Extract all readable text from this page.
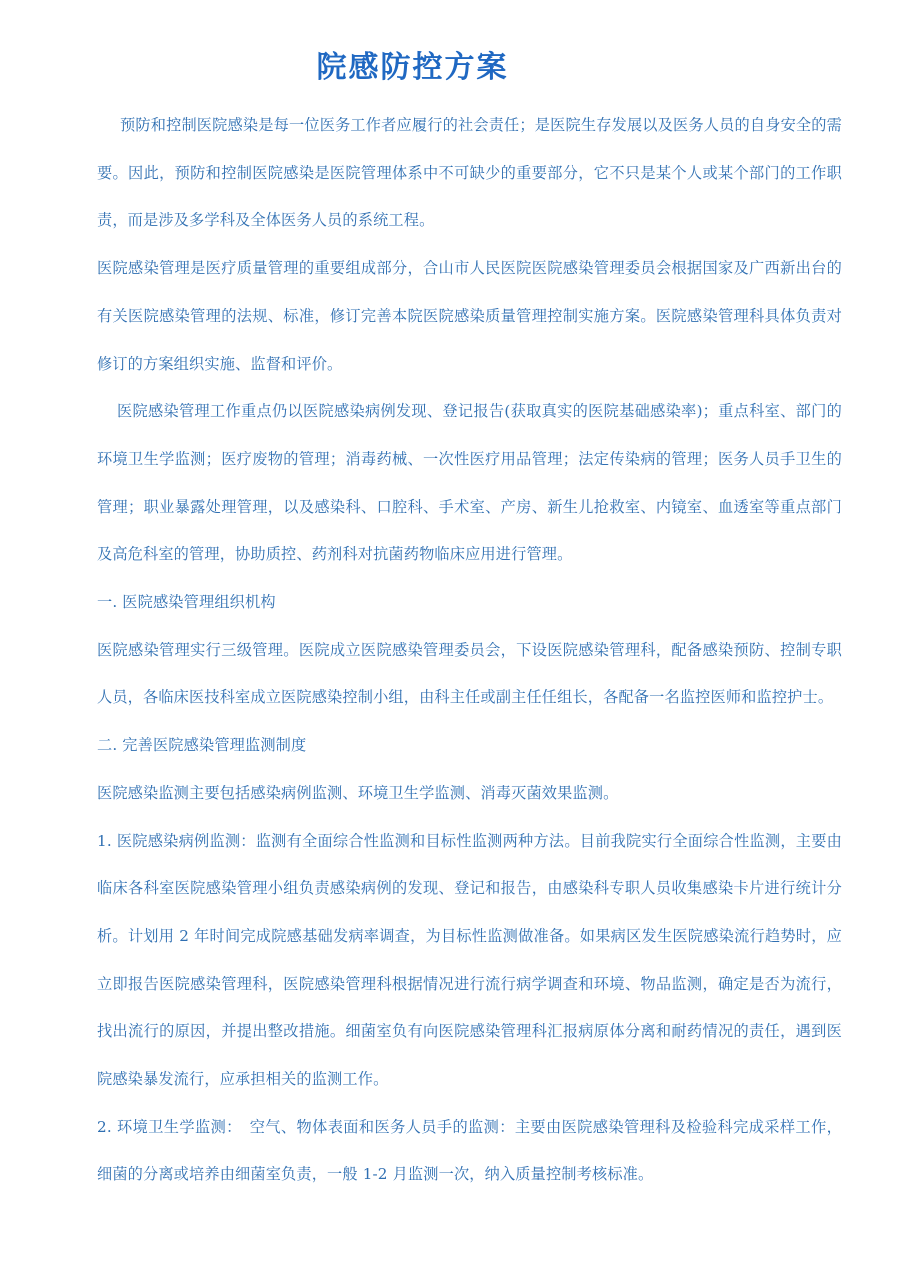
院感防控方案

预防和控制医院感染是每一位医务工作者应履行的社会责任；是医院生存发展以及医务人员的自身安全的需要。因此，预防和控制医院感染是医院管理体系中不可缺少的重要部分，它不只是某个人或某个部门的工作职责，而是涉及多学科及全体医务人员的系统工程。

医院感染管理是医疗质量管理的重要组成部分，合山市人民医院医院感染管理委员会根据国家及广西新出台的有关医院感染管理的法规、标准，修订完善本院医院感染质量管理控制实施方案。医院感染管理科具体负责对修订的方案组织实施、监督和评价。

医院感染管理工作重点仍以医院感染病例发现、登记报告(获取真实的医院基础感染率)；重点科室、部门的环境卫生学监测；医疗废物的管理；消毒药械、一次性医疗用品管理；法定传染病的管理；医务人员手卫生的管理；职业暴露处理管理，以及感染科、口腔科、手术室、产房、新生儿抢救室、内镜室、血透室等重点部门及高危科室的管理，协助质控、药剂科对抗菌药物临床应用进行管理。

一. 医院感染管理组织机构

医院感染管理实行三级管理。医院成立医院感染管理委员会，下设医院感染管理科，配备感染预防、控制专职人员，各临床医技科室成立医院感染控制小组，由科主任或副主任任组长，各配备一名监控医师和监控护士。

二. 完善医院感染管理监测制度

医院感染监测主要包括感染病例监测、环境卫生学监测、消毒灭菌效果监测。

1. 医院感染病例监测：监测有全面综合性监测和目标性监测两种方法。目前我院实行全面综合性监测，主要由临床各科室医院感染管理小组负责感染病例的发现、登记和报告，由感染科专职人员收集感染卡片进行统计分析。计划用 2 年时间完成院感基础发病率调查，为目标性监测做准备。如果病区发生医院感染流行趋势时，应立即报告医院感染管理科，医院感染管理科根据情况进行流行病学调查和环境、物品监测，确定是否为流行，找出流行的原因，并提出整改措施。细菌室负有向医院感染管理科汇报病原体分离和耐药情况的责任，遇到医院感染暴发流行，应承担相关的监测工作。

2. 环境卫生学监测：　空气、物体表面和医务人员手的监测：主要由医院感染管理科及检验科完成采样工作，细菌的分离或培养由细菌室负责，一般 1-2 月监测一次，纳入质量控制考核标准。
